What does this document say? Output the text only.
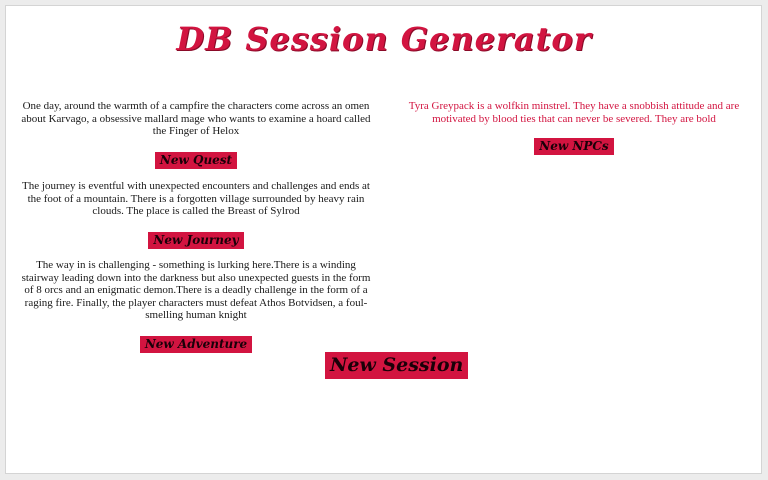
DB Session Generator

One day, around the warmth of a campfire the characters come across an omen about Karvago, a obsessive mallard mage who wants to examine a hoard called the Finger of Helox

New Quest

The journey is eventful with unexpected encounters and challenges and ends at the foot of a mountain. There is a forgotten village surrounded by heavy rain clouds. The place is called the Breast of Sylrod

New Journey

The way in is challenging - something is lurking here.There is a winding stairway leading down into the darkness but also unexpected guests in the form of 8 orcs and an enigmatic demon.There is a deadly challenge in the form of a raging fire. Finally, the player characters must defeat Athos Botvidsen, a foul-smelling human knight

New Adventure

Tyra Greypack is a wolfkin minstrel. They have a snobbish attitude and are motivated by blood ties that can never be severed. They are bold

New NPCs
New Session
